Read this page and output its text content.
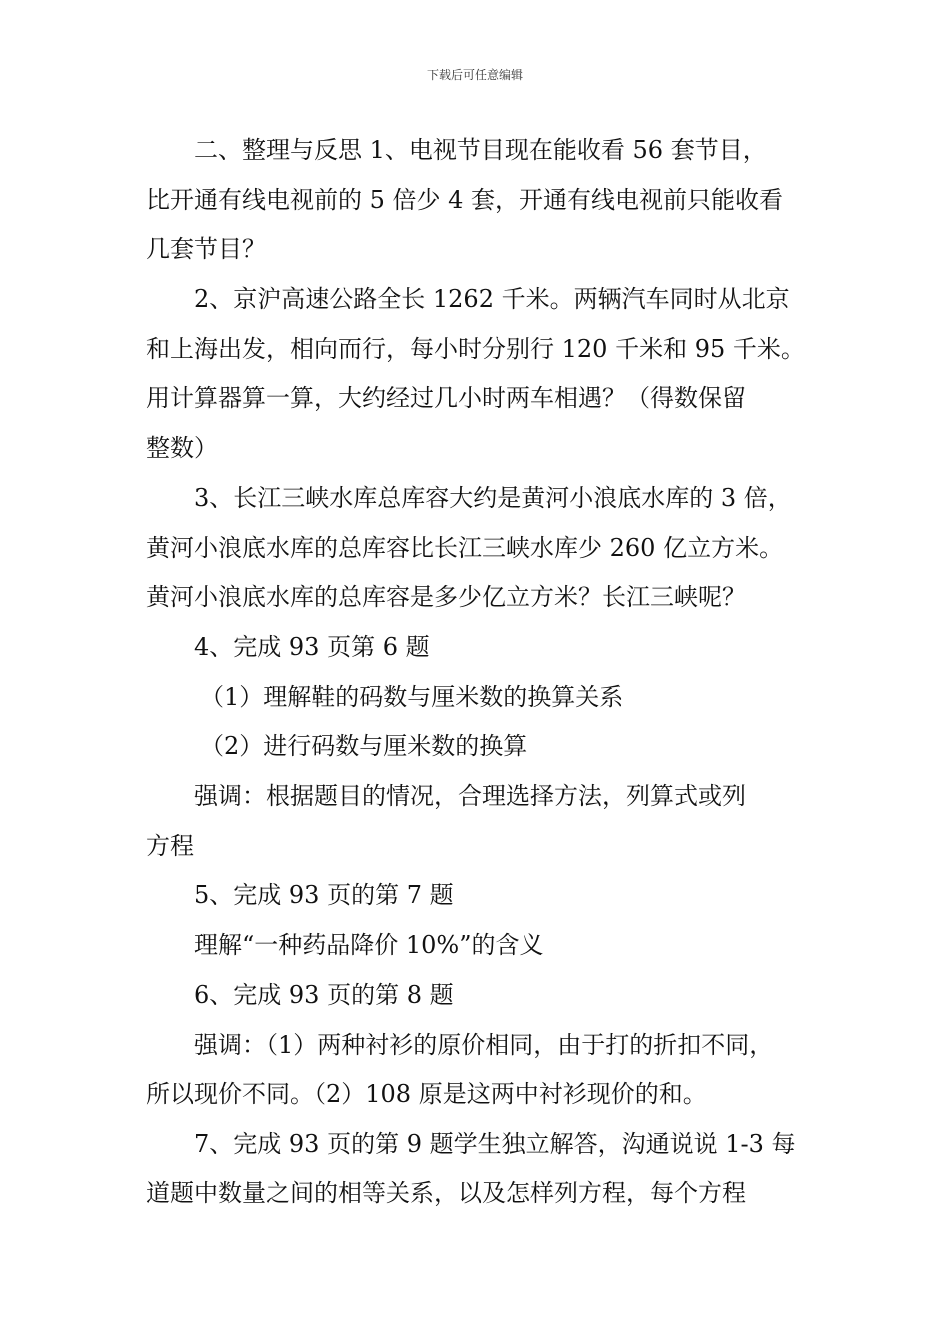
下载后可任意编辑
二、整理与反思 1、电视节目现在能收看 56 套节目，
比开通有线电视前的 5 倍少 4 套，开通有线电视前只能收看
几套节目？
2、京沪高速公路全长 1262 千米。两辆汽车同时从北京
和上海出发，相向而行，每小时分别行 120 千米和 95 千米。
用计算器算一算，大约经过几小时两车相遇？（得数保留
整数）
3、长江三峡水库总库容大约是黄河小浪底水库的 3 倍，
黄河小浪底水库的总库容比长江三峡水库少 260 亿立方米。
黄河小浪底水库的总库容是多少亿立方米？长江三峡呢？
4、完成 93 页第 6 题
（1）理解鞋的码数与厘米数的换算关系
（2）进行码数与厘米数的换算
强调：根据题目的情况，合理选择方法，列算式或列
方程
5、完成 93 页的第 7 题
理解“一种药品降价 10%”的含义
6、完成 93 页的第 8 题
强调：（1）两种衬衫的原价相同，由于打的折扣不同，
所以现价不同。（2）108 原是这两中衬衫现价的和。
7、完成 93 页的第 9 题学生独立解答，沟通说说 1-3 每
道题中数量之间的相等关系，以及怎样列方程，每个方程
